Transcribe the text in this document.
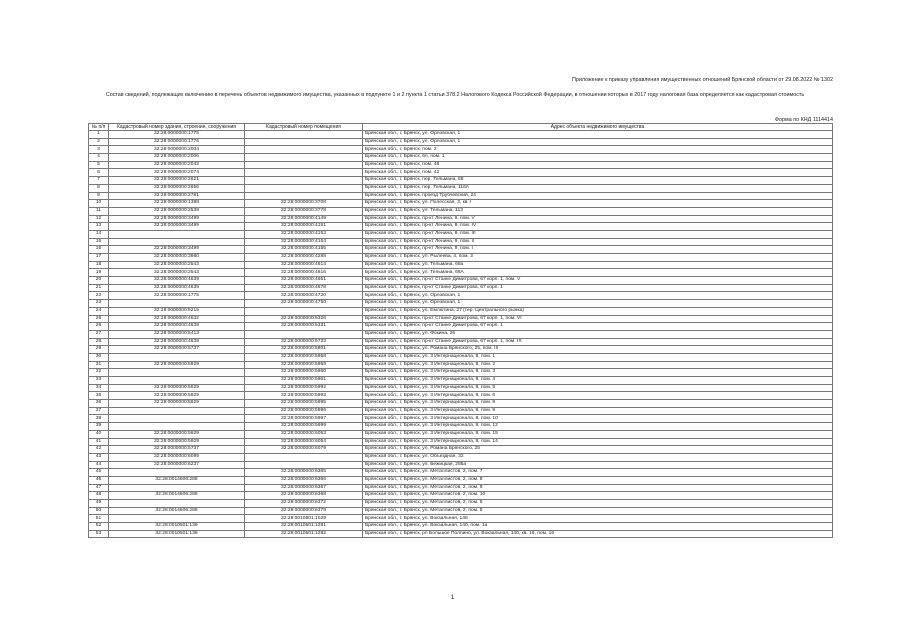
Приложение к приказу управления имущественных отношений Брянской области от 29.08.2022 № 1302
Состав сведений, подлежащих включению в перечень объектов недвижимого имущества, указанных в подпункте 1 и 2 пункта 1 статьи 378.2 Налогового Кодекса Российской Федерации, в отношении которых в 2017 году налоговая база определяется как кадастровая стоимость
Форма по КНД 1114414
№ п/п	Кадастровый номер здания, строения, сооружения	Кадастровый номер помещения	Адрес объекта недвижимого имущества
1	32:28:0000000:1775		Брянская обл., г. Брянск, ул. Орловская, 1
2	32:28:0000000:1776		Брянская обл., г. Брянск, ул. Орловская, 1
3	32:28:0000000:2004		Брянская обл., г. Брянск, пом. 2
4	32:28:0000000:2006		Брянская обл., г. Брянск, 6п, пом. 1
5	32:28:0000000:2042		Брянская обл., г. Брянск, пом. 48
6	32:28:0000000:2074		Брянская обл., г. Брянск, пом. 42
7	32:28:0000000:2621		Брянская обл., г. Брянск, пер. Тельмана, 68
8	32:28:0000000:2656		Брянская обл., г. Брянск, пер. Тельмана, 116А
9	32:28:0000000:2781		Брянская обл., г. Брянск, проезд Трубчевский, 24
10	32:28:0000000:1388	32:28:0000000:3708	Брянская обл., г. Брянск, ул. Полесская, 3, кв. I
11	32:28:0000000:2538	32:28:0000000:3778	Брянская обл., г. Брянск, ул. Тельмана, 113
12	32:28:0000000:3499	32:28:0000000:4149	Брянская обл., г. Брянск, пр-кт Ленина, 9, пом. V
13	32:28:0000000:3499	32:28:0000000:4151	Брянская обл., г. Брянск, пр-кт Ленина, 9, пом. IV
14		32:28:0000000:4153	Брянская обл., г. Брянск, пр-кт Ленина, 9, пом. III
15		32:28:0000000:4154	Брянская обл., г. Брянск, пр-кт Ленина, 9, пом. II
16	32:28:0000000:3499	32:28:0000000:4155	Брянская обл., г. Брянск, пр-кт Ленина, 9, пом. I
17	32:28:0000000:3980	32:28:0000000:4288	Брянская обл., г. Брянск, ул. Рылеева, 4, пом. 3
18	32:28:0000000:2543	32:28:0000000:4614	Брянская обл., г. Брянск, ул. Тельмана, 68а
19	32:28:0000000:2543	32:28:0000000:4616	Брянская обл., г. Брянск, ул. Тельмана, 68А
20	32:28:0000000:4639	32:28:0000000:4651	Брянская обл., г. Брянск, пр-кт Станке Димитрова, 67 корп. 1, пом. V
21	32:28:0000000:4639	32:28:0000000:4678	Брянская обл., г. Брянск, пр-кт Станке Димитрова, 67 корп. 1
22	32:28:0000000:1775	32:28:0000000:4720	Брянская обл., г. Брянск, ул. Орловская, 1
23		32:28:0000000:4750	Брянская обл., г. Брянск, ул. Орловская, 1
24	32:28:0000000:5215		Брянская обл., г. Брянск, ул. Емлютина, 27 (тер. Центрального рынка)
25	32:28:0000000:4632	32:28:0000000:5326	Брянская обл., г. Брянск, пр-кт Станке Димитрова, 67 корп. 1, пом. VI
26	32:28:0000000:4639	32:28:0000000:5331	Брянская обл., г. Брянск, пр-кт Станке Димитрова, 67 корп. 1
27	32:28:0000000:5413		Брянская обл., г. Брянск, ул. Фокина, 26
28	32:28:0000000:4639	32:28:0000000:5733	Брянская обл., г. Брянск, пр-кт Станке Димитрова, 67 корп. 1, пом. IX
29	32:28:0000000:5737	32:28:0000000:5801	Брянская обл., г. Брянск, ул. Романа Брянского, 25, пом. III
30		32:28:0000000:5958	Брянская обл., г. Брянск, ул. 3 Интернационала, 8, пом. 1
31	32:28:0000000:5929	32:28:0000000:5959	Брянская обл., г. Брянск, ул. 3 Интернационала, 8, пом. 2
32		32:28:0000000:5960	Брянская обл., г. Брянск, ул. 3 Интернационала, 8, пом. 3
33		32:28:0000000:5961	Брянская обл., г. Брянск, ул. 3 Интернационала, 8, пом. 4
34	32:28:0000000:5929	32:28:0000000:5992	Брянская обл., г. Брянск, ул. 3 Интернационала, 8, пом. 5
35	32:28:0000000:5929	32:28:0000000:5993	Брянская обл., г. Брянск, ул. 3 Интернационала, 8, пом. 6
36	32:28:0000000:5929	32:28:0000000:5995	Брянская обл., г. Брянск, ул. 3 Интернационала, 8, пом. 8
37		32:28:0000000:5996	Брянская обл., г. Брянск, ул. 3 Интернационала, 8, пом. 9
38		32:28:0000000:5997	Брянская обл., г. Брянск, ул. 3 Интернационала, 8, пом. 10
39		32:28:0000000:5999	Брянская обл., г. Брянск, ул. 3 Интернационала, 8, пом. 12
40	32:28:0000000:5929	32:28:0000000:6053	Брянская обл., г. Брянск, ул. 3 Интернационала, 8, пом. 15
41	32:28:0000000:5929	32:28:0000000:6054	Брянская обл., г. Брянск, ул. 3 Интернационала, 8, пом. 14
42	32:28:0000000:5737	32:28:0000000:6079	Брянская обл., г. Брянск, ул. Романа Брянского, 25
43	32:28:0000000:6099		Брянская обл., г. Брянск, ул. Объездная, 32
44	32:28:0000000:6237		Брянская обл., г. Брянск, ул. Бежицкая, 285а
45		32:28:0000000:6365	Брянская обл., г. Брянск, ул. Металлистов, 2, пом. 7
46	32:28:0014606:288	32:28:0000000:6366	Брянская обл., г. Брянск, ул. Металлистов, 2, пом. 8
47		32:28:0000000:6367	Брянская обл., г. Брянск, ул. Металлистов, 2, пом. 9
48	32:28:0014606:288	32:28:0000000:6368	Брянская обл., г. Брянск, ул. Металлистов, 2, пом. 10
49		32:28:0000000:6372	Брянская обл., г. Брянск, ул. Металлистов, 2, пом. 6
50	32:28:0014606:288	32:28:0000000:6379	Брянская обл., г. Брянск, ул. Металлистов, 2, пом. 5
51		32:28:0010501:1029	Брянская обл., г. Брянск, ул. Вокзальная, 148
52	32:28:0010501:139	32:28:0010501:1281	Брянская обл., г. Брянск, ул. Вокзальная, 140, пом. 1а
53	32:28:0010501:138	32:28:0010501:1282	Брянская обл., г. Брянск, рп Большое Полпино, ул. Вокзальная, 140, кв. 16, пом. 16
1
